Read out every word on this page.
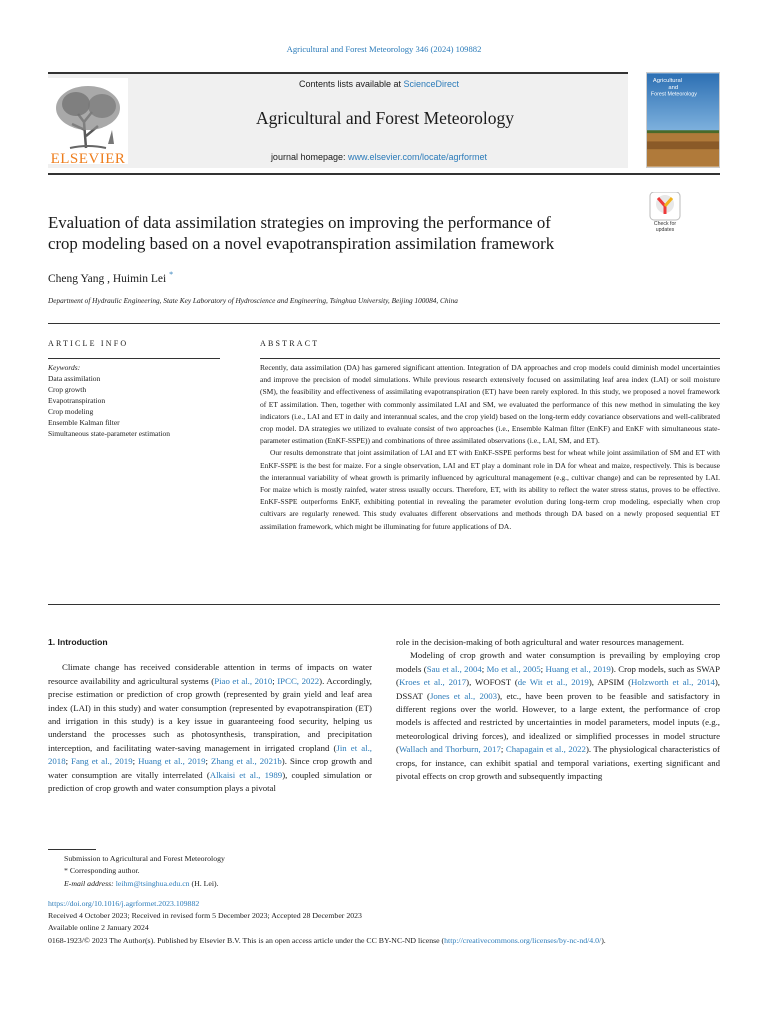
Agricultural and Forest Meteorology 346 (2024) 109882
ELSEVIER
Contents lists available at ScienceDirect
Agricultural and Forest Meteorology
journal homepage: www.elsevier.com/locate/agrformet
Agricultural
and
Forest Meteorology
Check for
updates
Evaluation of data assimilation strategies on improving the performance of
crop modeling based on a novel evapotranspiration assimilation framework
Cheng Yang , Huimin Lei *
Department of Hydraulic Engineering, State Key Laboratory of Hydroscience and Engineering, Tsinghua University, Beijing 100084, China
ARTICLE INFO	ABSTRACT
Keywords:
Data assimilation
Crop growth
Evapotranspiration
Crop modeling
Ensemble Kalman filter
Simultaneous state-parameter estimation

Recently, data assimilation (DA) has garnered significant attention. Integration of DA approaches and crop models could diminish model uncertainties and improve the precision of model simulations. While previous research extensively focused on assimilating leaf area index (LAI) or soil moisture (SM), the feasibility and effectiveness of assimilating evapotranspiration (ET) have been rarely explored. In this study, we proposed a novel framework of ET assimilation. Then, together with commonly assimilated LAI and SM, we evaluated the performance of this new method in simulating the key indicators (i.e., LAI and ET in daily and interannual scales, and the crop yield) based on the long-term eddy covariance observations and well-calibrated crop model. DA strategies we utilized to evaluate consist of two approaches (i.e., Ensemble Kalman filter (EnKF) and EnKF with simultaneous state-parameter estimation (EnKF-SSPE)) and combinations of three assimilated observations (i.e., LAI, SM, and ET).

Our results demonstrate that joint assimilation of LAI and ET with EnKF-SSPE performs best for wheat while joint assimilation of SM and ET with EnKF-SSPE is the best for maize. For a single observation, LAI and ET play a dominant role in DA for wheat and maize, respectively. This is because the interannual variability of wheat growth is primarily influenced by agricultural management (e.g., cultivar change) and can be represented by LAI. For maize which is mostly rainfed, water stress usually occurs. Therefore, ET, with its ability to reflect the water stress status, proves to be effective. EnKF-SSPE outperforms EnKF, exhibiting potential in revealing the parameter evolution during long-term crop modeling, especially when crop cultivars are regularly renewed. This study evaluates different observations and methods through DA based on a newly proposed sequential ET assimilation framework, which might be illuminating for future applications of DA.

1. Introduction

Climate change has received considerable attention in terms of impacts on water resource availability and agricultural systems (Piao et al., 2010; IPCC, 2022). Accordingly, precise estimation or prediction of crop growth (represented by grain yield and leaf area index (LAI) in this study) and water consumption (represented by evapotranspiration (ET) and irrigation in this study) is a key issue in guaranteeing food security, helping us understand the processes such as photosynthesis, transpiration, and precipitation interception, and facilitating water-saving management in irrigated cropland (Jin et al., 2018; Fang et al., 2019; Huang et al., 2019; Zhang et al., 2021b). Since crop growth and water consumption are vitally interrelated (Alkaisi et al., 1989), coupled simulation or prediction of crop growth and water consumption plays a pivotal

role in the decision-making of both agricultural and water resources management.

Modeling of crop growth and water consumption is prevailing by employing crop models (Sau et al., 2004; Mo et al., 2005; Huang et al., 2019). Crop models, such as SWAP (Kroes et al., 2017), WOFOST (de Wit et al., 2019), APSIM (Holzworth et al., 2014), DSSAT (Jones et al., 2003), etc., have been proven to be feasible and satisfactory in different regions over the world. However, to a large extent, the performance of crop models is affected and restricted by uncertainties in model parameters, model inputs (e.g., meteorological driving forces), and idealized or simplified processes in model structure (Wallach and Thorburn, 2017; Chapagain et al., 2022). The physiological characteristics of crops, for instance, can exhibit spatial and temporal variations, exerting significant and pivotal effects on crop growth and subsequently impacting

Submission to Agricultural and Forest Meteorology
* Corresponding author.
E-mail address: leihm@tsinghua.edu.cn (H. Lei).
https://doi.org/10.1016/j.agrformet.2023.109882
Received 4 October 2023; Received in revised form 5 December 2023; Accepted 28 December 2023
Available online 2 January 2024
0168-1923/© 2023 The Author(s). Published by Elsevier B.V. This is an open access article under the CC BY-NC-ND license (http://creativecommons.org/licenses/by-nc-nd/4.0/).
